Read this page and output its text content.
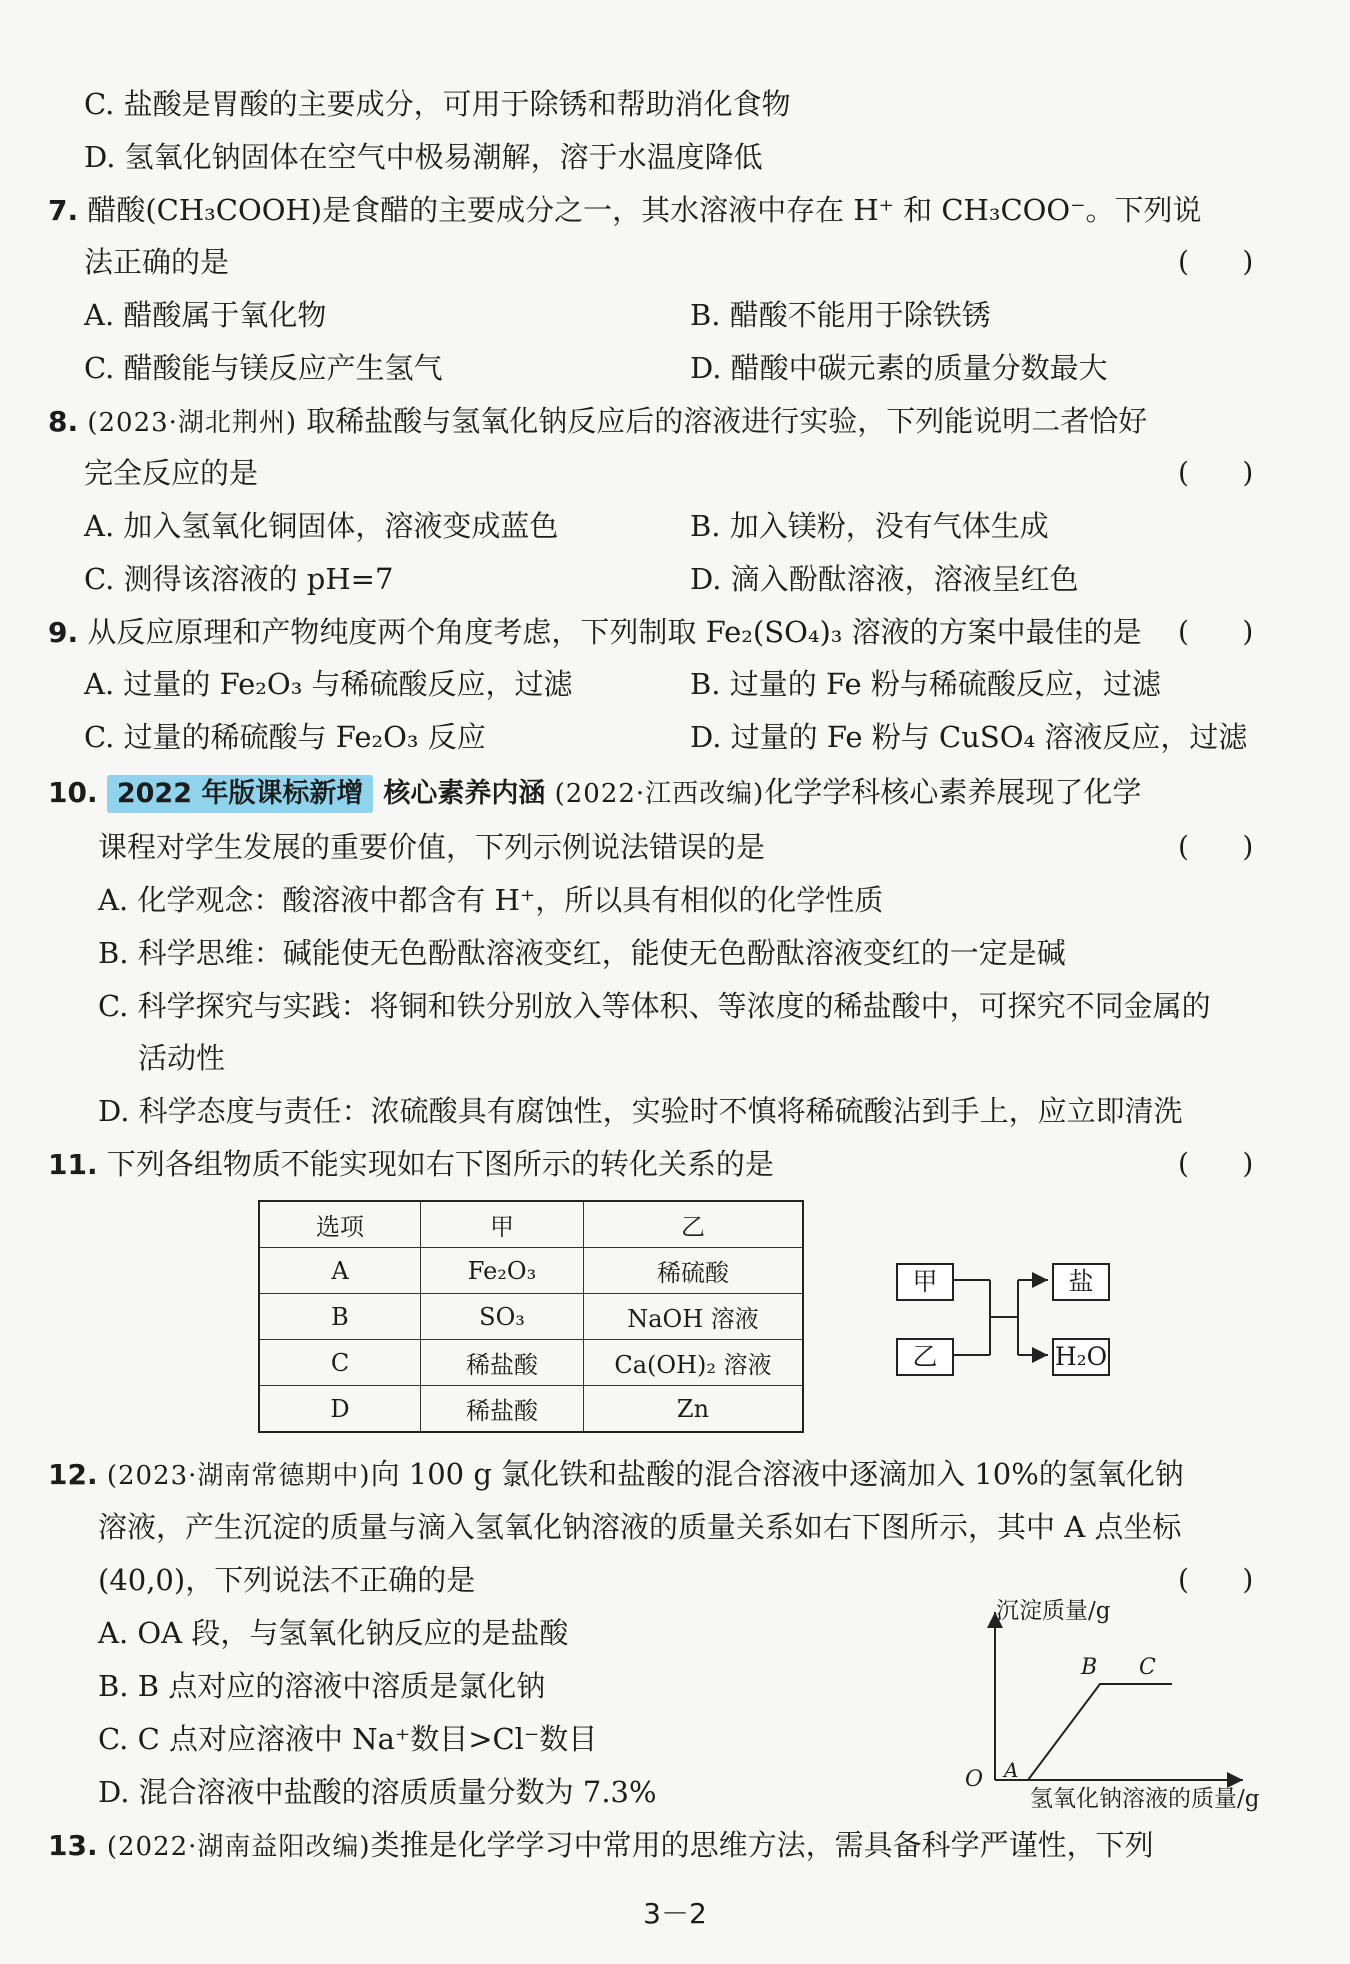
C. 盐酸是胃酸的主要成分，可用于除锈和帮助消化食物
D. 氢氧化钠固体在空气中极易潮解，溶于水温度降低
7. 醋酸(CH₃COOH)是食醋的主要成分之一，其水溶液中存在 H⁺ 和 CH₃COO⁻。下列说
法正确的是	(      )
A. 醋酸属于氧化物	B. 醋酸不能用于除铁锈
C. 醋酸能与镁反应产生氢气	D. 醋酸中碳元素的质量分数最大
8. (2023·湖北荆州) 取稀盐酸与氢氧化钠反应后的溶液进行实验，下列能说明二者恰好
完全反应的是	(      )
A. 加入氢氧化铜固体，溶液变成蓝色	B. 加入镁粉，没有气体生成
C. 测得该溶液的 pH=7	D. 滴入酚酞溶液，溶液呈红色
9. 从反应原理和产物纯度两个角度考虑，下列制取 Fe₂(SO₄)₃ 溶液的方案中最佳的是 (      )
A. 过量的 Fe₂O₃ 与稀硫酸反应，过滤	B. 过量的 Fe 粉与稀硫酸反应，过滤
C. 过量的稀硫酸与 Fe₂O₃ 反应	D. 过量的 Fe 粉与 CuSO₄ 溶液反应，过滤
10. 2022 年版课标新增 核心素养内涵 (2022·江西改编)化学学科核心素养展现了化学
课程对学生发展的重要价值，下列示例说法错误的是	(      )
A. 化学观念：酸溶液中都含有 H⁺，所以具有相似的化学性质
B. 科学思维：碱能使无色酚酞溶液变红，能使无色酚酞溶液变红的一定是碱
C. 科学探究与实践：将铜和铁分别放入等体积、等浓度的稀盐酸中，可探究不同金属的
活动性
D. 科学态度与责任：浓硫酸具有腐蚀性，实验时不慎将稀硫酸沾到手上，应立即清洗
11. 下列各组物质不能实现如右下图所示的转化关系的是	(      )
选项	甲	乙
A	Fe₂O₃	稀硫酸
B	SO₃	NaOH 溶液
C	稀盐酸	Ca(OH)₂ 溶液
D	稀盐酸	Zn
甲
乙
盐
H₂O
12. (2023·湖南常德期中)向 100 g 氯化铁和盐酸的混合溶液中逐滴加入 10%的氢氧化钠
溶液，产生沉淀的质量与滴入氢氧化钠溶液的质量关系如右下图所示，其中 A 点坐标
(40,0)，下列说法不正确的是	(      )
A. OA 段，与氢氧化钠反应的是盐酸
B. B 点对应的溶液中溶质是氯化钠
C. C 点对应溶液中 Na⁺数目>Cl⁻数目
D. 混合溶液中盐酸的溶质质量分数为 7.3%
沉淀质量/g
氢氧化钠溶液的质量/g
O A
B C
13. (2022·湖南益阳改编)类推是化学学习中常用的思维方法，需具备科学严谨性，下列
3－2
